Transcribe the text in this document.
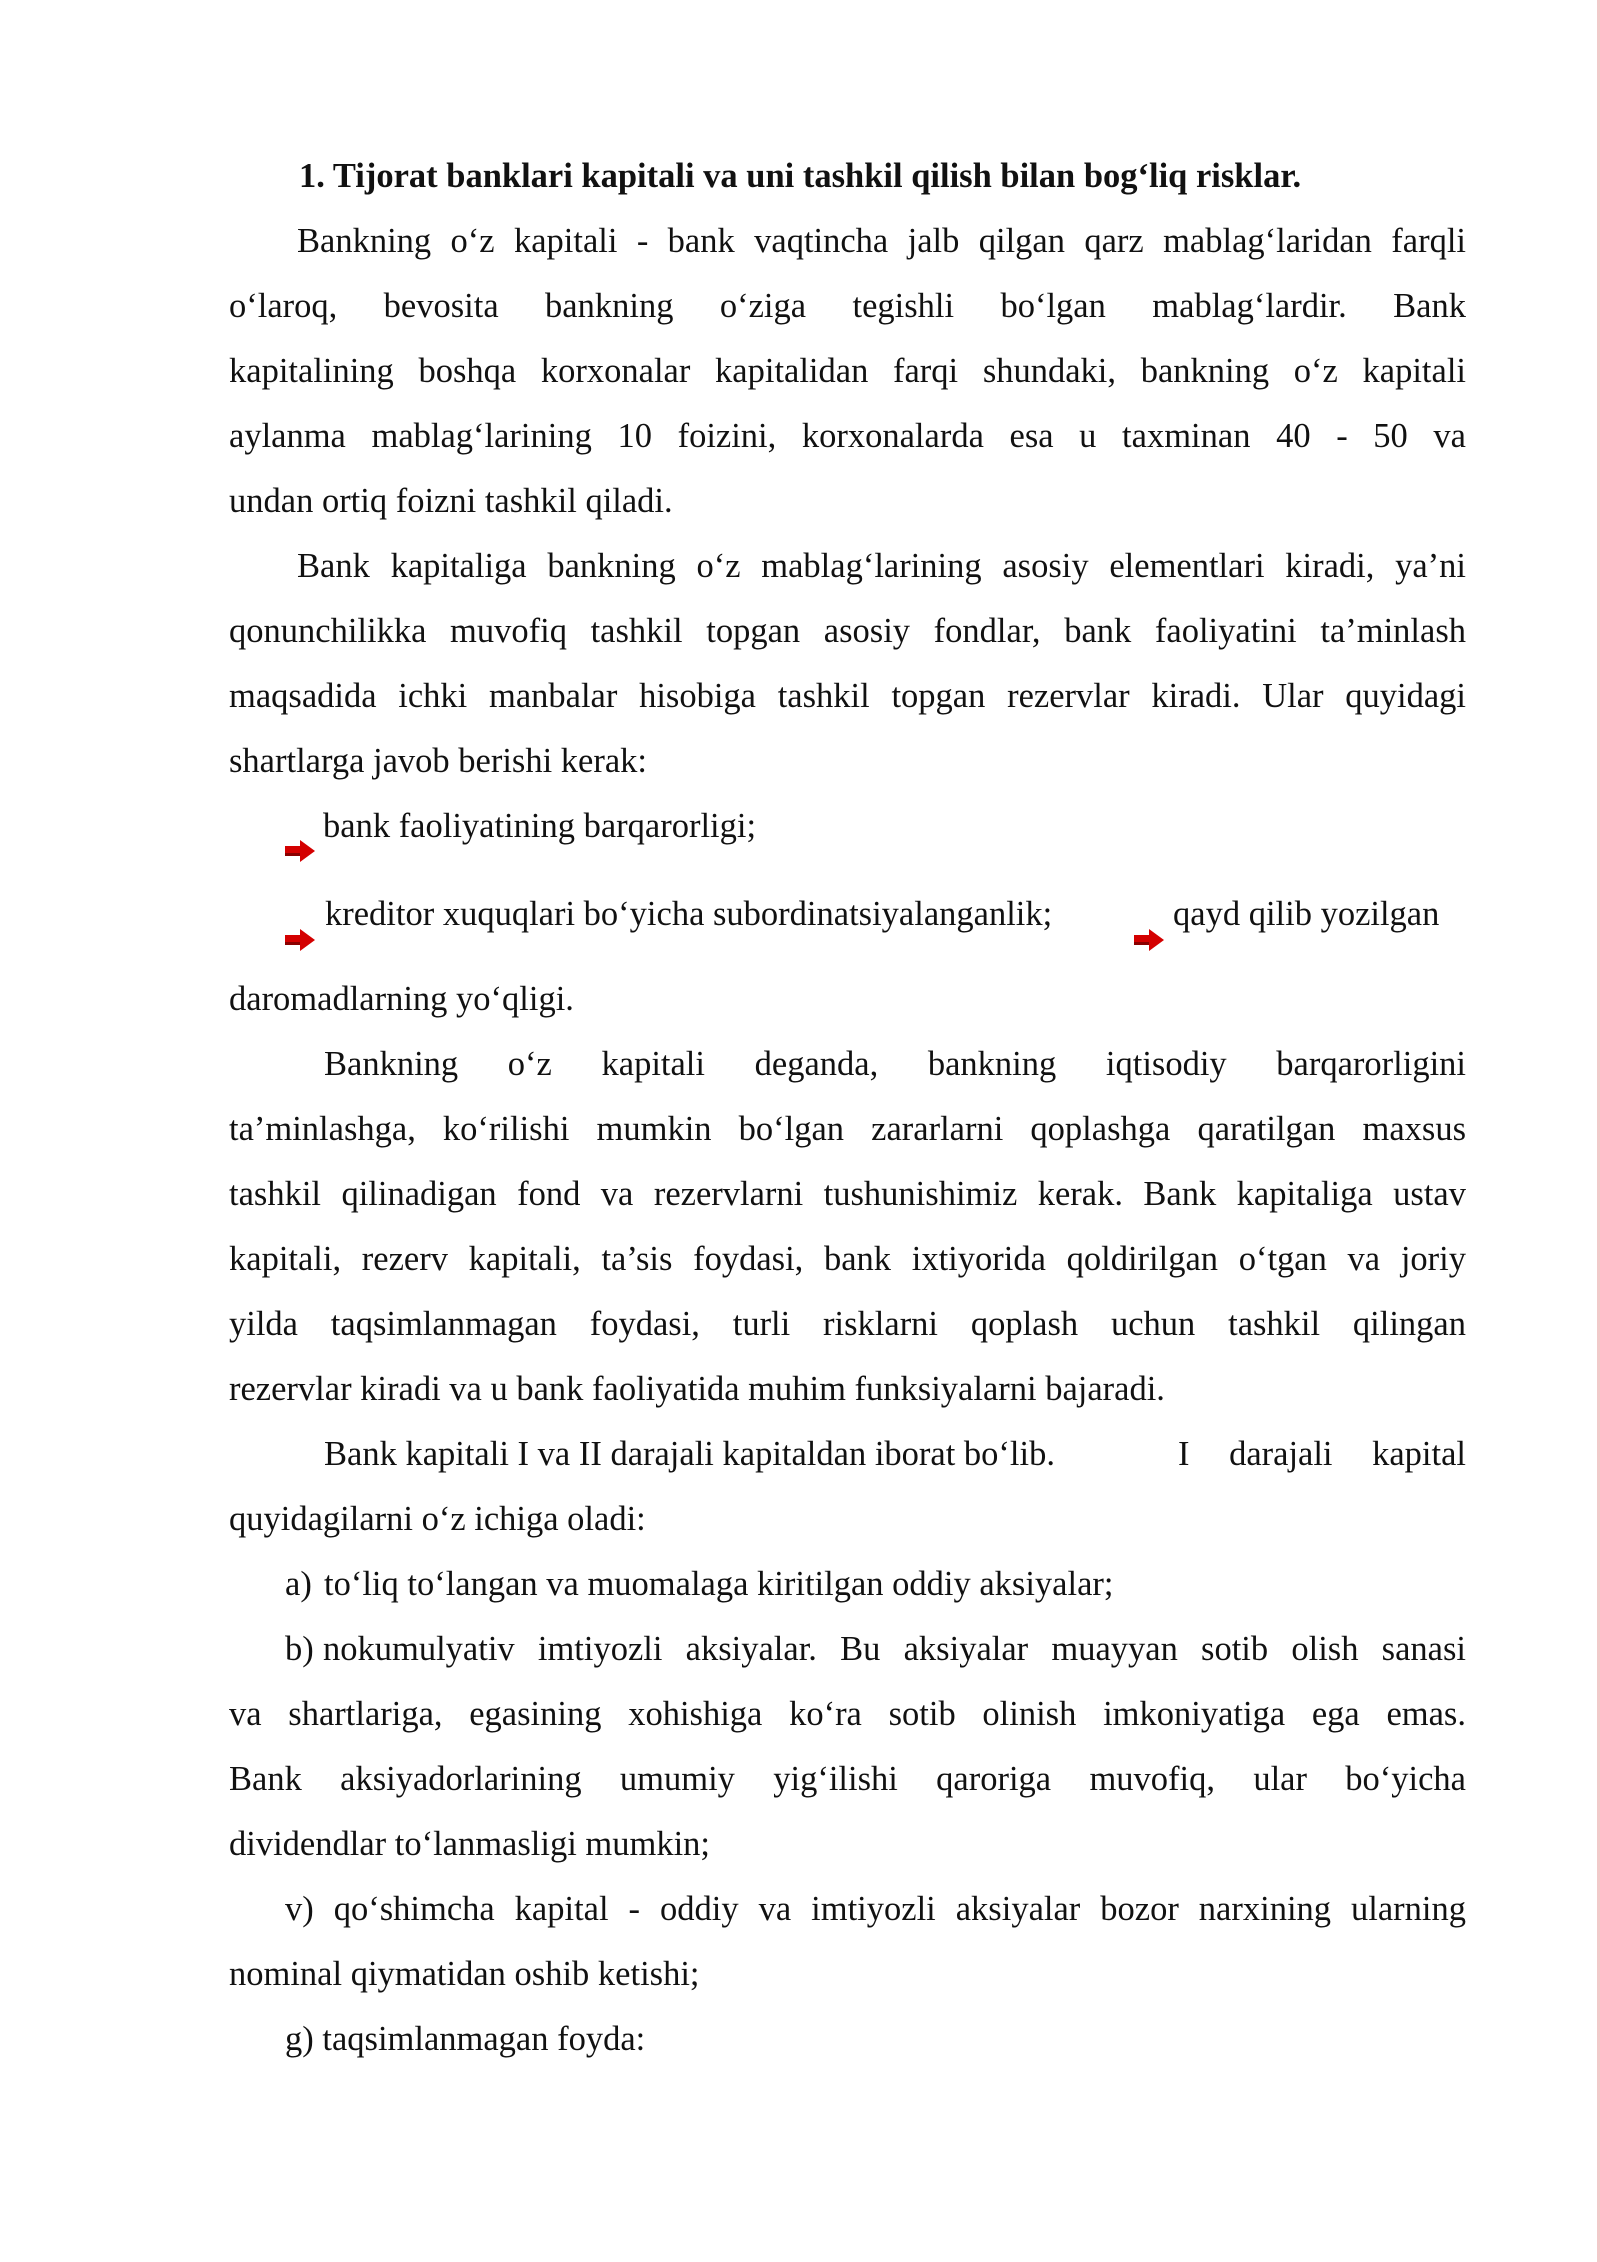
1. Tijorat banklari kapitali va uni tashkil qilish bilan bog‘liq risklar.
Bankning o‘z kapitali - bank vaqtincha jalb qilgan qarz mablag‘laridan farqli
o‘laroq, bevosita bankning o‘ziga tegishli bo‘lgan mablag‘lardir. Bank
kapitalining boshqa korxonalar kapitalidan farqi shundaki, bankning o‘z kapitali
aylanma mablag‘larining 10 foizini, korxonalarda esa u taxminan 40 - 50 va
undan ortiq foizni tashkil qiladi.
Bank kapitaliga bankning o‘z mablag‘larining asosiy elementlari kiradi, ya’ni
qonunchilikka muvofiq tashkil topgan asosiy fondlar, bank faoliyatini ta’minlash
maqsadida ichki manbalar hisobiga tashkil topgan rezervlar kiradi. Ular quyidagi
shartlarga javob berishi kerak:
bank faoliyatining barqarorligi;
kreditor xuquqlari bo‘yicha subordinatsiyalanganlik;	qayd qilib yozilgan
daromadlarning yo‘qligi.
Bankning o‘z kapitali deganda, bankning iqtisodiy barqarorligini
ta’minlashga, ko‘rilishi mumkin bo‘lgan zararlarni qoplashga qaratilgan maxsus
tashkil qilinadigan fond va rezervlarni tushunishimiz kerak. Bank kapitaliga ustav
kapitali, rezerv kapitali, ta’sis foydasi, bank ixtiyorida qoldirilgan o‘tgan va joriy
yilda taqsimlanmagan foydasi, turli risklarni qoplash uchun tashkil qilingan
rezervlar kiradi va u bank faoliyatida muhim funksiyalarni bajaradi.
Bank kapitali I va II darajali kapitaldan iborat bo‘lib.	I darajali kapital
quyidagilarni o‘z ichiga oladi:
a) to‘liq to‘langan va muomalaga kiritilgan oddiy aksiyalar;
b) nokumulyativ imtiyozli aksiyalar. Bu aksiyalar muayyan sotib olish sanasi
va shartlariga, egasining xohishiga ko‘ra sotib olinish imkoniyatiga ega emas.
Bank aksiyadorlarining umumiy yig‘ilishi qaroriga muvofiq, ular bo‘yicha
dividendlar to‘lanmasligi mumkin;
v) qo‘shimcha kapital - oddiy va imtiyozli aksiyalar bozor narxining ularning
nominal qiymatidan oshib ketishi;
g) taqsimlanmagan foyda:
